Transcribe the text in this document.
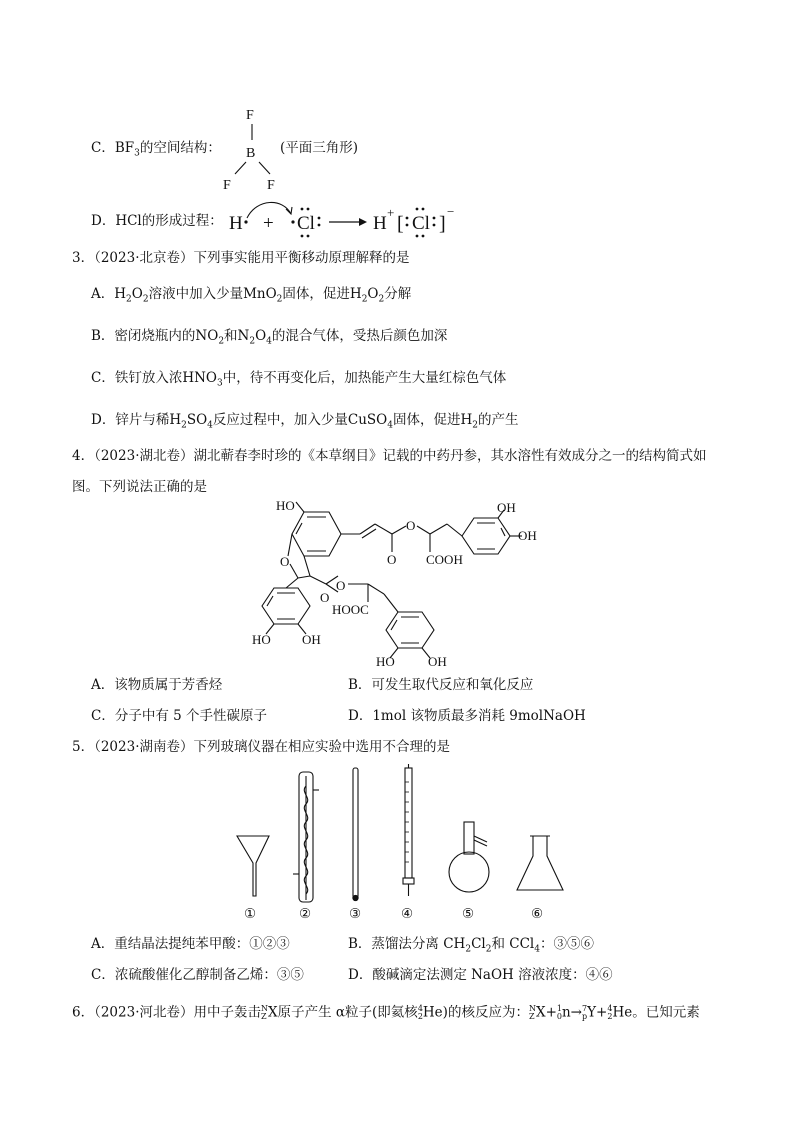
C．$BF_3$的空间结构：
F
B
F	F
(平面三角形)
D．HCl的形成过程： H + Cl	H
+
[ Cl ]
−
3．（2023·北京卷）下列事实能用平衡移动原理解释的是
A．$H_2O_2$溶液中加入少量MnO$_2$固体，促进$H_2O_2$分解
B．密闭烧瓶内的$NO_2$和$N_2O_4$的混合气体，受热后颜色加深
C．铁钉放入浓$HNO_3$中，待不再变化后，加热能产生大量红棕色气体
D．锌片与稀$H_2SO_4$反应过程中，加入少量CuSO$_4$固体，促进$H_2$的产生
4．（2023·湖北卷）湖北蕲春李时珍的《本草纲目》记载的中药丹参，其水溶性有效成分之一的结构简式如
图。下列说法正确的是
HO
O	O
O
COOH
OH
OH
O
O
HOOC
HO OH
HO	OH
A．该物质属于芳香烃	B．可发生取代反应和氧化反应
C．分子中有 5 个手性碳原子	D．1mol 该物质最多消耗 9molNaOH
5．（2023·湖南卷）下列玻璃仪器在相应实验中选用不合理的是
①	②	③	④	⑤	⑥
A．重结晶法提纯苯甲酸：①②③	B．蒸馏法分离 $CH_2Cl_2$和 CCl$_4$：③⑤⑥
C．浓硫酸催化乙醇制备乙烯：③⑤	D．酸碱滴定法测定 NaOH 溶液浓度：④⑥
6．（2023·河北卷）用中子轰击 N
Z X原子产生 α粒子(即氦核 4
2 He)的核反应为： N
Z X+ 1
0 n→ 7
p Y+ 4
2 He。已知元素
